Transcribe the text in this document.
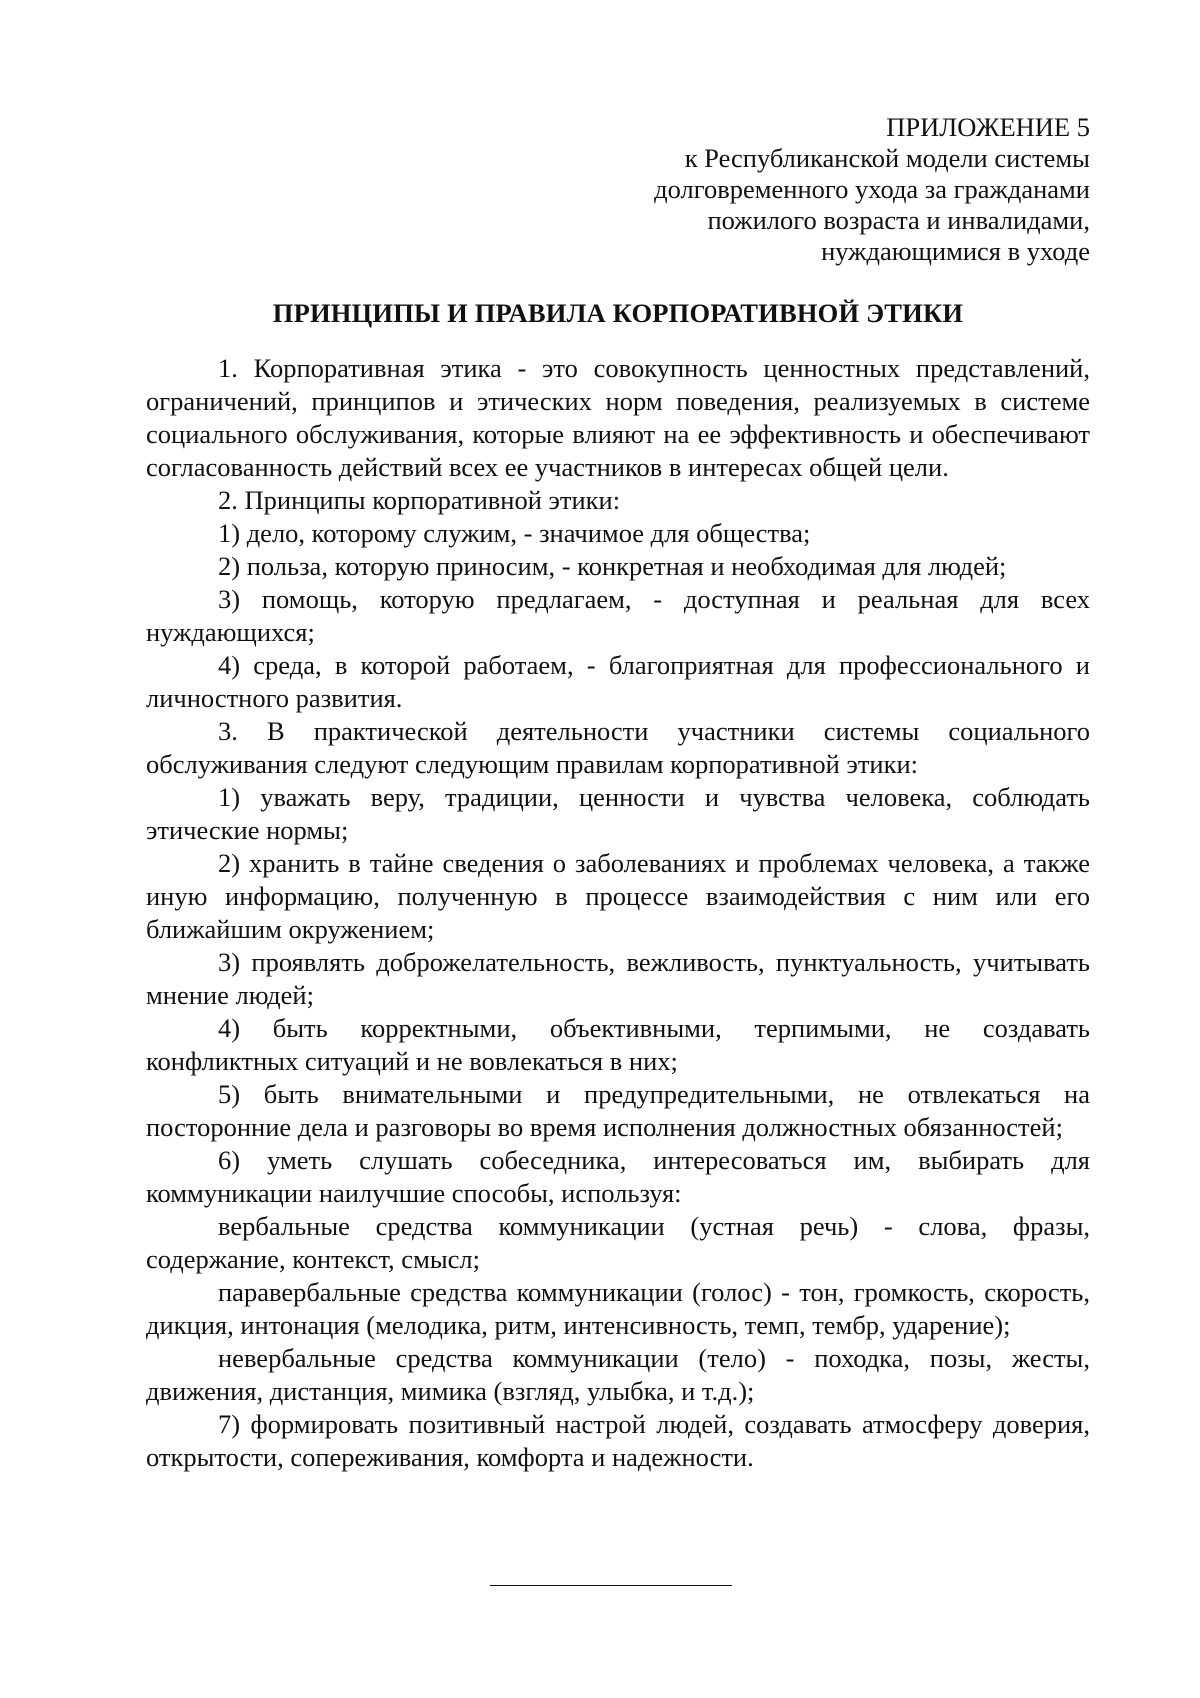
ПРИЛОЖЕНИЕ 5
к Республиканской модели системы
долговременного ухода за гражданами
пожилого возраста и инвалидами,
нуждающимися в уходе
ПРИНЦИПЫ И ПРАВИЛА КОРПОРАТИВНОЙ ЭТИКИ

1. Корпоративная этика - это совокупность ценностных представлений, ограничений, принципов и этических норм поведения, реализуемых в системе социального обслуживания, которые влияют на ее эффективность и обеспечивают согласованность действий всех ее участников в интересах общей цели.

2. Принципы корпоративной этики:

1) дело, которому служим, - значимое для общества;

2) польза, которую приносим, - конкретная и необходимая для людей;

3) помощь, которую предлагаем, - доступная и реальная для всех нуждающихся;

4) среда, в которой работаем, - благоприятная для профессионального и личностного развития.

3. В практической деятельности участники системы социального обслуживания следуют следующим правилам корпоративной этики:

1) уважать веру, традиции, ценности и чувства человека, соблюдать этические нормы;

2) хранить в тайне сведения о заболеваниях и проблемах человека, а также иную информацию, полученную в процессе взаимодействия с ним или его ближайшим окружением;

3) проявлять доброжелательность, вежливость, пунктуальность, учитывать мнение людей;

4) быть корректными, объективными, терпимыми, не создавать конфликтных ситуаций и не вовлекаться в них;

5) быть внимательными и предупредительными, не отвлекаться на посторонние дела и разговоры во время исполнения должностных обязанностей;

6) уметь слушать собеседника, интересоваться им, выбирать для коммуникации наилучшие способы, используя:

вербальные средства коммуникации (устная речь) - слова, фразы, содержание, контекст, смысл;

паравербальные средства коммуникации (голос) - тон, громкость, скорость, дикция, интонация (мелодика, ритм, интенсивность, темп, тембр, ударение);

невербальные средства коммуникации (тело) - походка, позы, жесты, движения, дистанция, мимика (взгляд, улыбка, и т.д.);

7) формировать позитивный настрой людей, создавать атмосферу доверия, открытости, сопереживания, комфорта и надежности.
